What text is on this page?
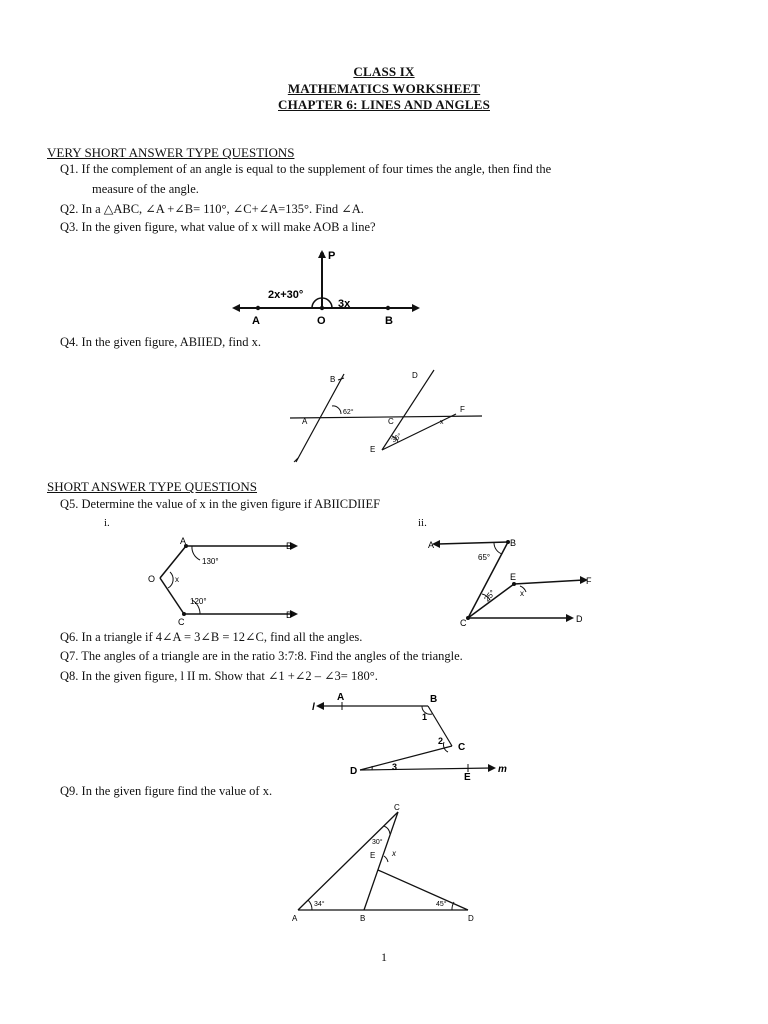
CLASS IX
MATHEMATICS WORKSHEET
CHAPTER 6: LINES AND ANGLES
VERY SHORT ANSWER TYPE QUESTIONS
Q1. If the complement of an angle is equal to the supplement of four times the angle, then find the
measure of the angle.
Q2. In a △ABC, ∠A +∠B= 110°, ∠C+∠A=135°. Find ∠A.
Q3. In the given figure, what value of x will make AOB a line?
P
2x+30°
3x
A	O	B
Q4. In the given figure, ABIIED, find x.
B	D
A	C
F
E
62°
36°
x
SHORT ANSWER TYPE QUESTIONS
Q5. Determine the value of x in the given figure if ABIICDIIEF
i.	ii.
A	B
O x
130°
120°
C
D
A	B
65°
E	F
25°	x
C	D
Q6. In a triangle if 4∠A = 3∠B = 12∠C, find all the angles.
Q7. The angles of a triangle are in the ratio 3:7:8. Find the angles of the triangle.
Q8. In the given figure, l II m. Show that ∠1 +∠2 – ∠3= 180°.
l
A	B
1
2
C
D	3
E
m
Q9. In the given figure find the value of x.
C
30°
E x
34°	45°
A	B	D
1
